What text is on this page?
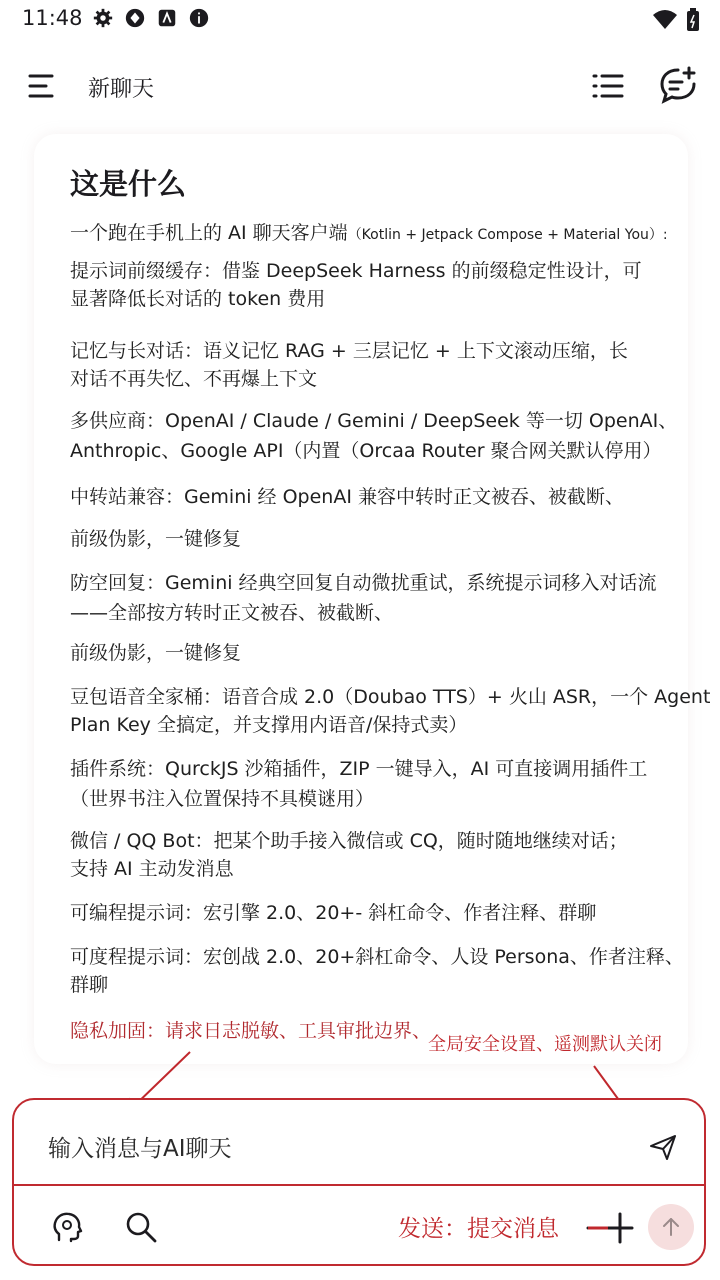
11:48
新聊天
这是什么
一个跑在手机上的 AI 聊天客户端（Kotlin + Jetpack Compose + Material You）:
提示词前缀缓存：借鉴 DeepSeek Harness 的前缀稳定性设计，可
显著降低长对话的 token 费用
记忆与长对话：语义记忆 RAG + 三层记忆 + 上下文滚动压缩，长
对话不再失忆、不再爆上下文
多供应商：OpenAI / Claude / Gemini / DeepSeek 等一切 OpenAI、
Anthropic、Google API（内置（Orcaa Router 聚合网关默认停用）
中转站兼容：Gemini 经 OpenAI 兼容中转时正文被吞、被截断、
前级伪影，一键修复
防空回复：Gemini 经典空回复自动微扰重试，系统提示词移入对话流
——全部按方转时正文被吞、被截断、
前级伪影，一键修复
豆包语音全家桶：语音合成 2.0（Doubao TTS）+ 火山 ASR，一个 Agent
Plan Key 全搞定，并支撑用内语音/保持式卖）
插件系统：QurckJS 沙箱插件，ZIP 一键导入，AI 可直接调用插件工
（世界书注入位置保持不具模谜用）
微信 / QQ Bot：把某个助手接入微信或 CQ，随时随地继续对话；
支持 AI 主动发消息
可编程提示词：宏引擎 2.0、20+- 斜杠命令、作者注释、群聊
可度程提示词：宏创战 2.0、20+斜杠命令、人设 Persona、作者注释、
群聊
隐私加固：请求日志脱敏、工具审批边界、
全局安全设置、遥测默认关闭
输入消息与AI聊天
发送：提交消息
